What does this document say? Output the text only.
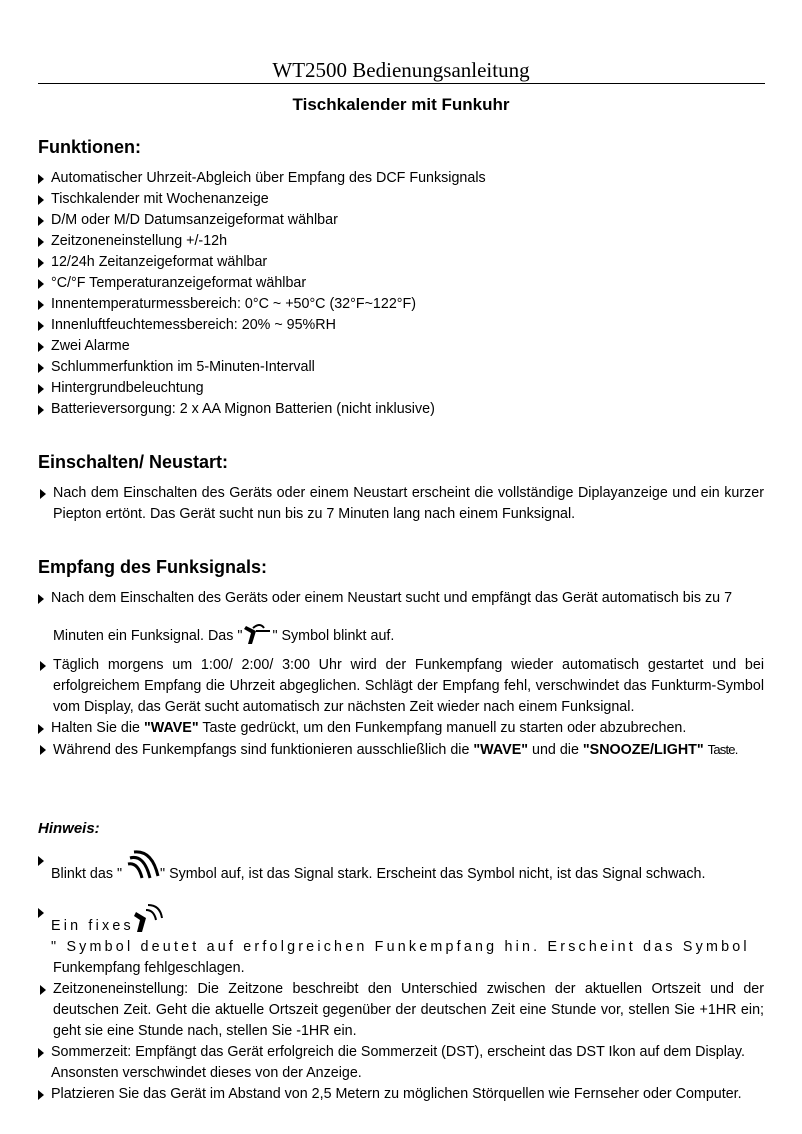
WT2500 Bedienungsanleitung
Tischkalender mit Funkuhr
Funktionen:
Automatischer Uhrzeit-Abgleich über Empfang des DCF Funksignals
Tischkalender mit Wochenanzeige
D/M oder M/D Datumsanzeigeformat wählbar
Zeitzoneneinstellung +/-12h
12/24h Zeitanzeigeformat wählbar
°C/°F Temperaturanzeigeformat wählbar
Innentemperaturmessbereich: 0°C ~ +50°C (32°F~122°F)
Innenluftfeuchtemessbereich: 20% ~ 95%RH
Zwei Alarme
Schlummerfunktion im 5-Minuten-Intervall
Hintergrundbeleuchtung
Batterieversorgung: 2 x AA Mignon Batterien (nicht inklusive)
Einschalten/ Neustart:
Nach dem Einschalten des Geräts oder einem Neustart erscheint die vollständige Diplayanzeige und ein kurzer Piepton ertönt. Das Gerät sucht nun bis zu 7 Minuten lang nach einem Funksignal.
Empfang des Funksignals:
Nach dem Einschalten des Geräts oder einem Neustart sucht und empfängt das Gerät automatisch bis zu 7
Minuten ein Funksignal. Das " " Symbol blinkt auf.
Täglich morgens um 1:00/ 2:00/ 3:00 Uhr wird der Funkempfang wieder automatisch gestartet und bei erfolgreichem Empfang die Uhrzeit abgeglichen. Schlägt der Empfang fehl, verschwindet das Funkturm-Symbol vom Display, das Gerät sucht automatisch zur nächsten Zeit wieder nach einem Funksignal.
Halten Sie die "WAVE" Taste gedrückt, um den Funkempfang manuell zu starten oder abzubrechen.
Während des Funkempfangs sind funktionieren ausschließlich die "WAVE" und die "SNOOZE/LIGHT" Taste.
Hinweis:
Blinkt das "	" Symbol auf, ist das Signal stark. Erscheint das Symbol nicht, ist das Signal schwach.
Ein fixes " Symbol deutet auf erfolgreichen Funkempfang hin. Erscheint das Symbol
Funkempfang fehlgeschlagen.
Zeitzoneneinstellung: Die Zeitzone beschreibt den Unterschied zwischen der aktuellen Ortszeit und der deutschen Zeit. Geht die aktuelle Ortszeit gegenüber der deutschen Zeit eine Stunde vor, stellen Sie +1HR ein; geht sie eine Stunde nach, stellen Sie -1HR ein.
Sommerzeit: Empfängt das Gerät erfolgreich die Sommerzeit (DST), erscheint das DST Ikon auf dem Display. Ansonsten verschwindet dieses von der Anzeige.
Platzieren Sie das Gerät im Abstand von 2,5 Metern zu möglichen Störquellen wie Fernseher oder Computer.
